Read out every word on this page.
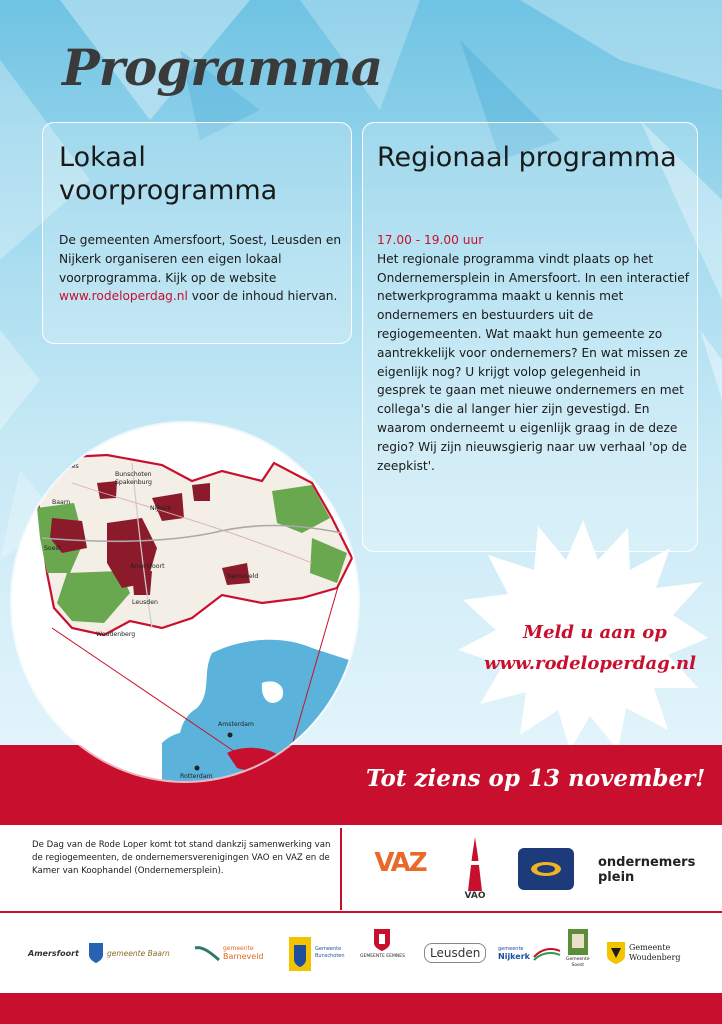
Programma
Lokaal voorprogramma

De gemeenten Amersfoort, Soest, Leusden en Nijkerk organiseren een eigen lokaal voorprogramma. Kijk op de website www.rodeloperdag.nl voor de inhoud hiervan.

Regionaal programma
17.00 - 19.00 uur
Het regionale programma vindt plaats op het Ondernemersplein in Amersfoort. In een interactief netwerkprogramma maakt u kennis met ondernemers en bestuurders uit de regiogemeenten. Wat maakt hun gemeente zo aantrekkelijk voor ondernemers? En wat missen ze eigenlijk nog? U krijgt volop gelegenheid in gesprek te gaan met nieuwe ondernemers en met collega's die al langer hier zijn gevestigd. En waarom onderneemt u eigenlijk graag in de deze regio? Wij zijn nieuwsgierig naar uw verhaal 'op de zeepkist'.
Meld u aan op
www.rodeloperdag.nl
Tot ziens op 13 november!
Eemnes
Baarn
Bunschoten
Spakenburg
Nijkerk
Soest
Amersfoort
Barneveld
Leusden
Woudenberg
Amsterdam
Rotterdam	Arnhem

De Dag van de Rode Loper komt tot stand dankzij samenwerking van de regiogemeenten, de ondernemersverenigingen VAO en VAZ en de Kamer van Koophandel (Ondernemersplein).	VAZ
VAO
ondernemers
plein
Amersfoort	gemeente Baarn	gemeente
Barneveld
Gemeente
Bunschoten	GEMEENTE EEMNES	Leusden	gemeente
Nijkerk	Gemeente
Soest
Gemeente
Woudenberg
